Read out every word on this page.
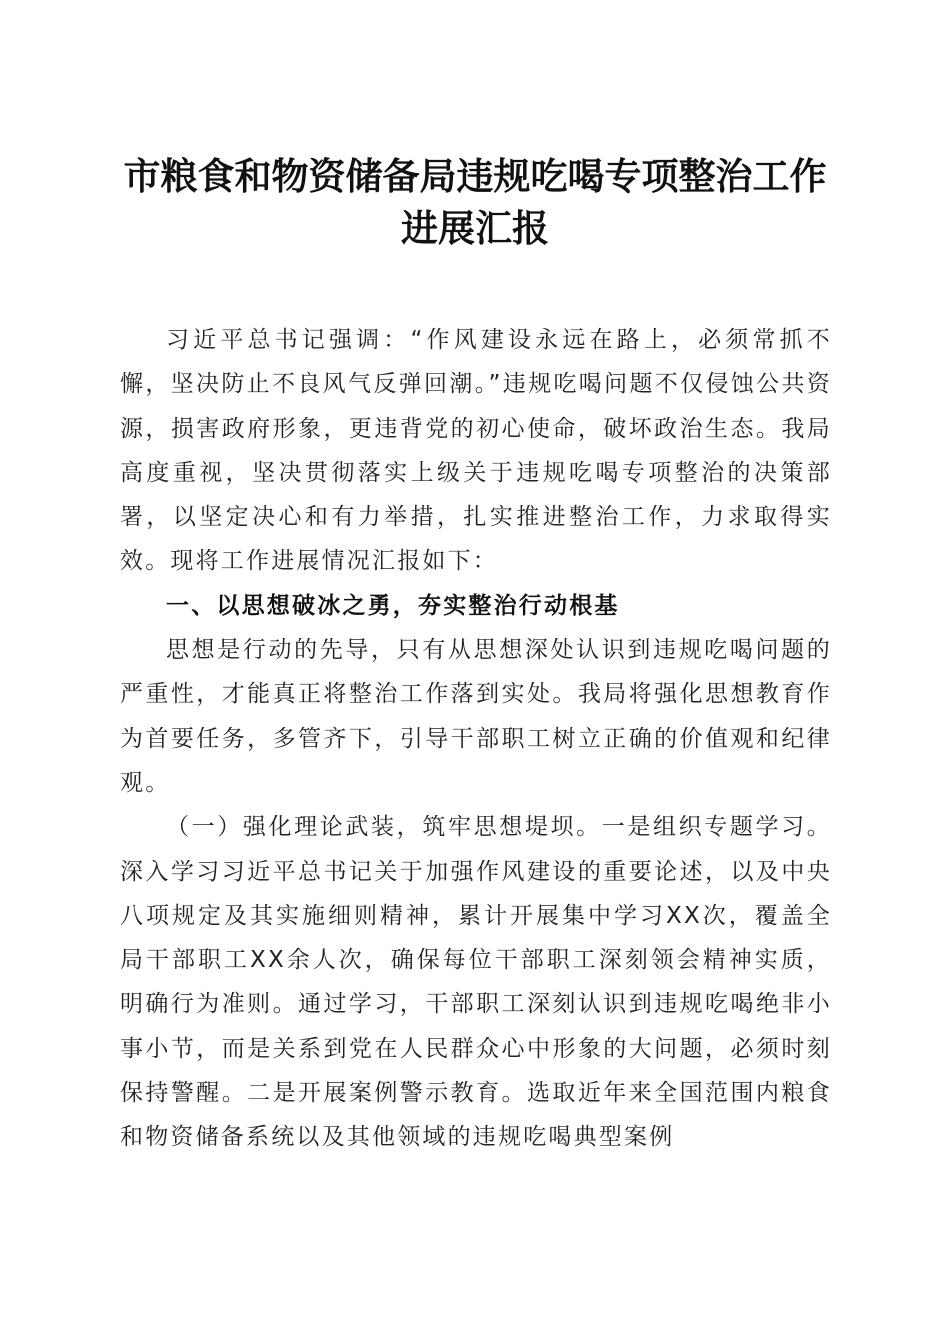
市粮食和物资储备局违规吃喝专项整治工作进展汇报

习近平总书记强调：“作风建设永远在路上，必须常抓不懈，坚决防止不良风气反弹回潮。”违规吃喝问题不仅侵蚀公共资源，损害政府形象，更违背党的初心使命，破坏政治生态。我局高度重视，坚决贯彻落实上级关于违规吃喝专项整治的决策部署，以坚定决心和有力举措，扎实推进整治工作，力求取得实效。现将工作进展情况汇报如下：

一、以思想破冰之勇，夯实整治行动根基

思想是行动的先导，只有从思想深处认识到违规吃喝问题的严重性，才能真正将整治工作落到实处。我局将强化思想教育作为首要任务，多管齐下，引导干部职工树立正确的价值观和纪律观。

（一）强化理论武装，筑牢思想堤坝。一是组织专题学习。深入学习习近平总书记关于加强作风建设的重要论述，以及中央八项规定及其实施细则精神，累计开展集中学习XX次，覆盖全局干部职工XX余人次，确保每位干部职工深刻领会精神实质，明确行为准则。通过学习，干部职工深刻认识到违规吃喝绝非小事小节，而是关系到党在人民群众心中形象的大问题，必须时刻保持警醒。二是开展案例警示教育。选取近年来全国范围内粮食和物资储备系统以及其他领域的违规吃喝典型案例
